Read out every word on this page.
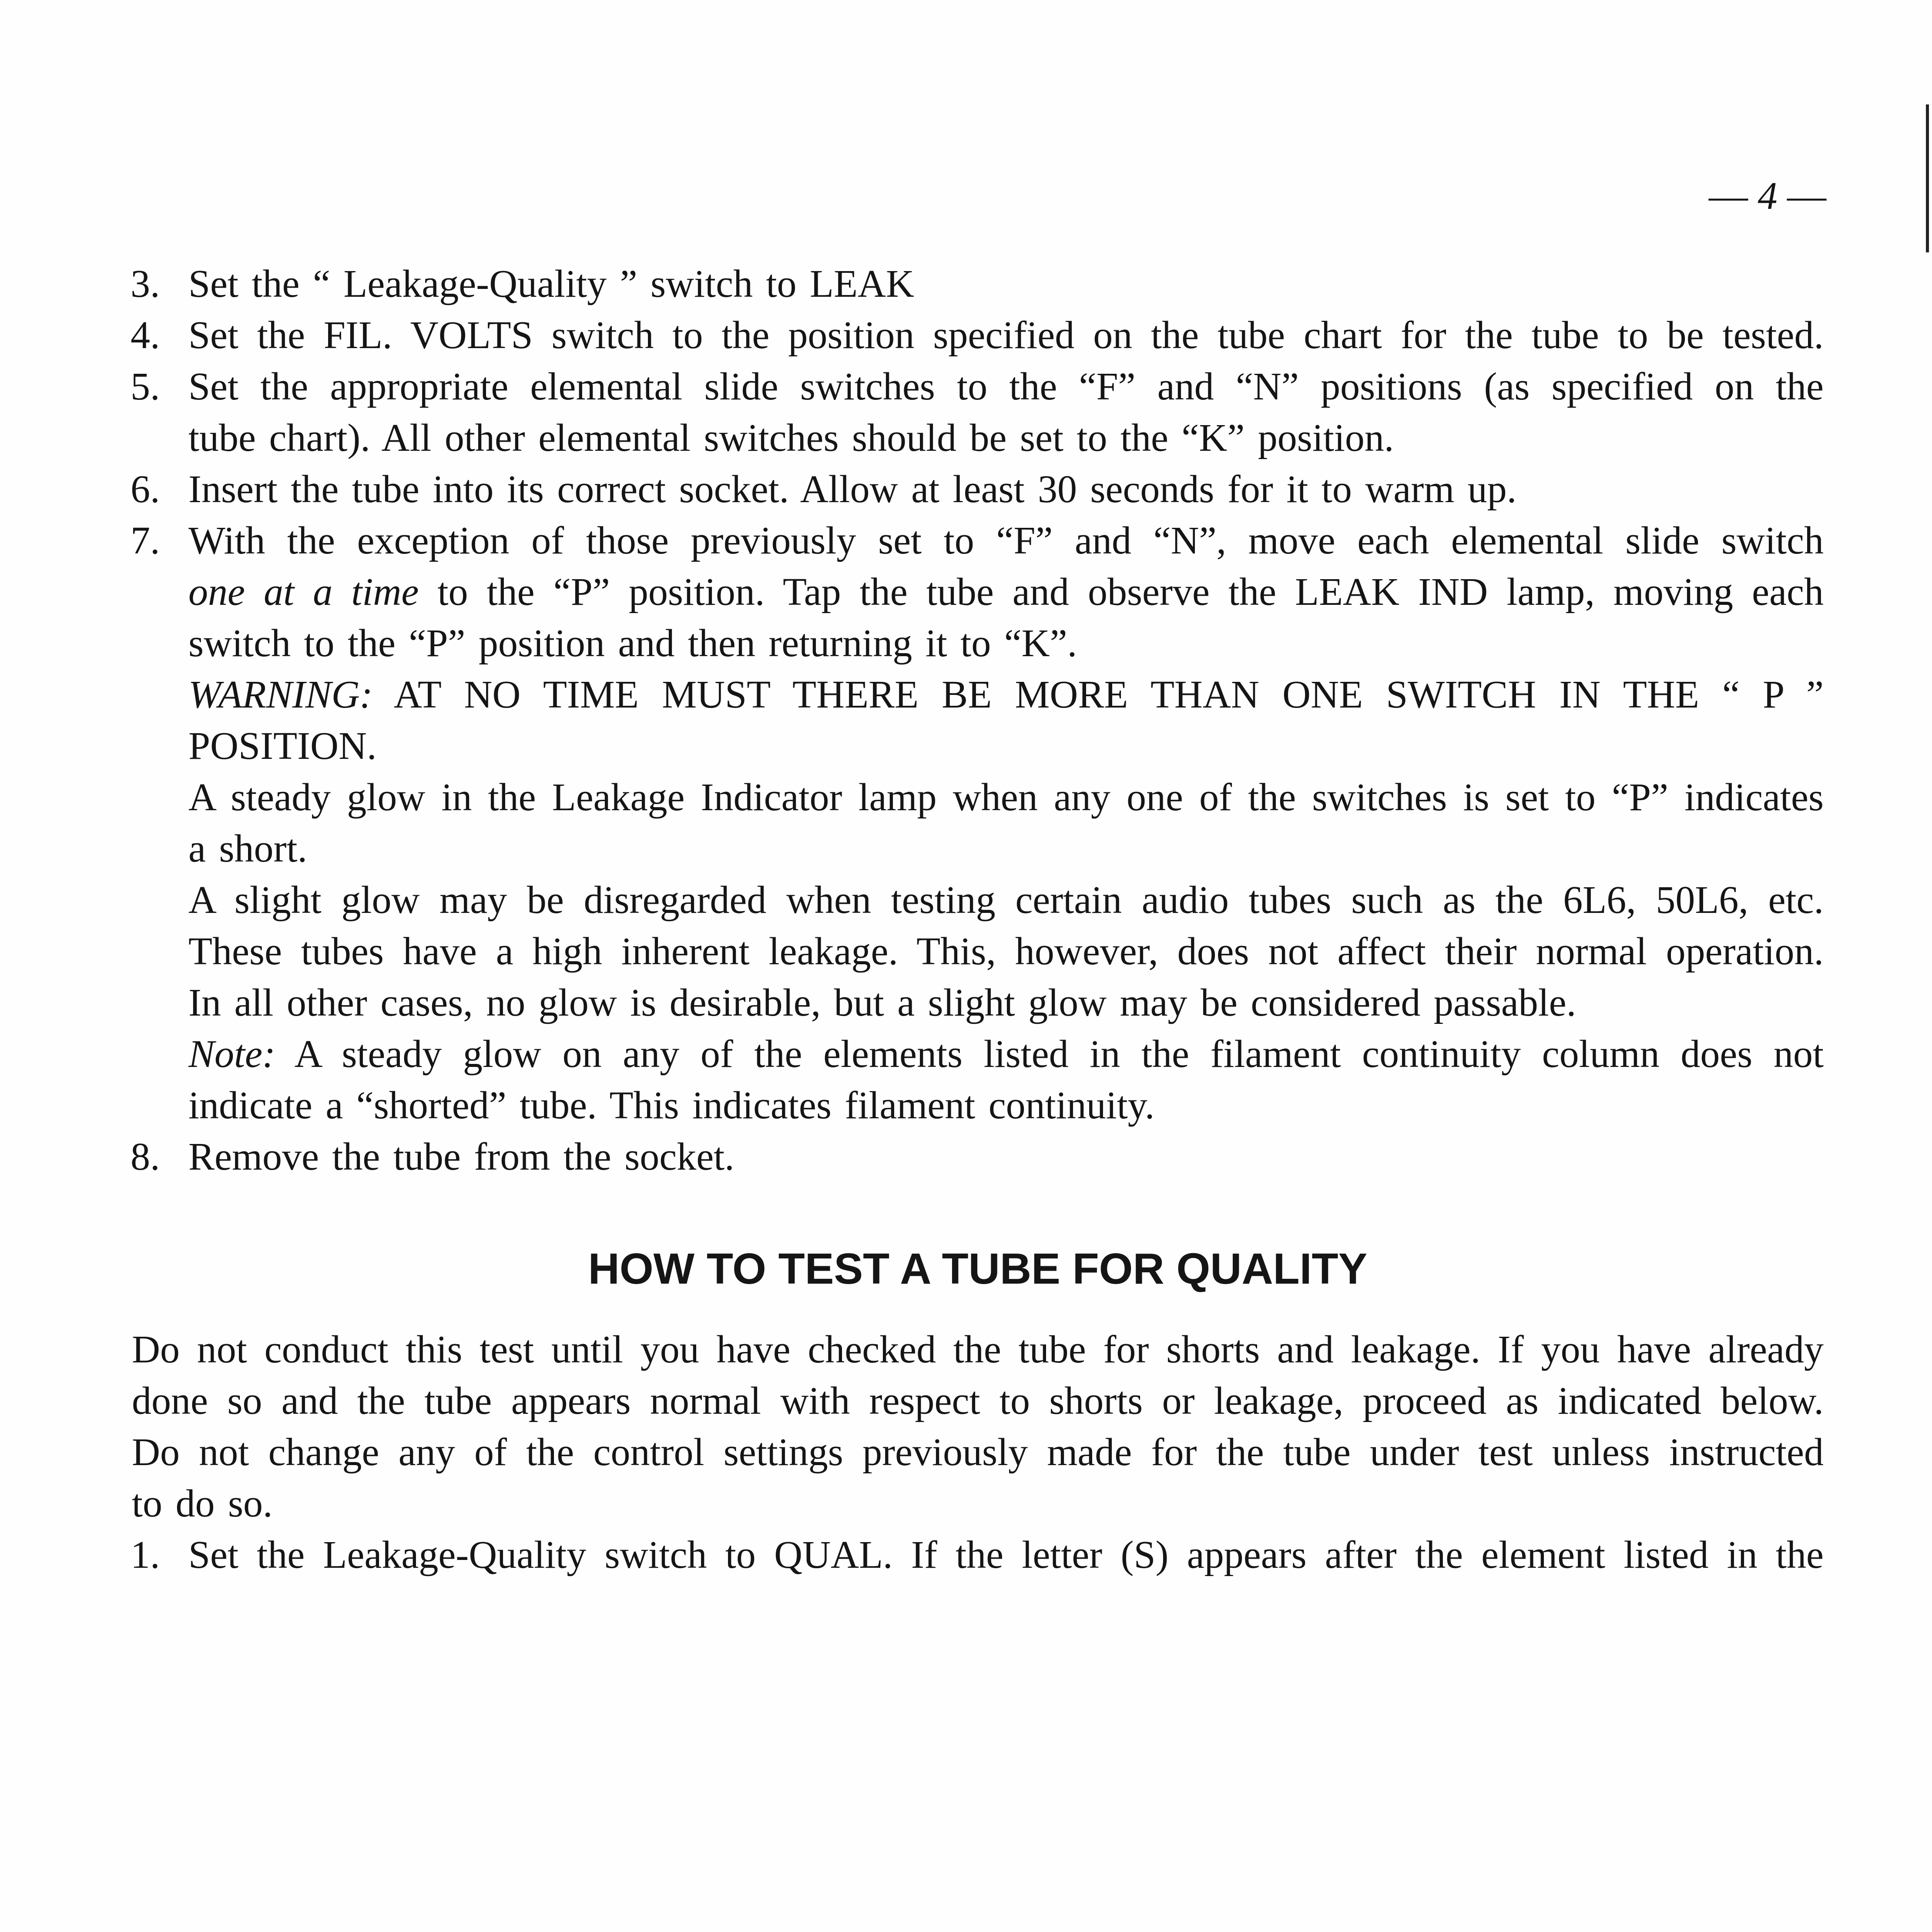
— 4 —
3. Set the “ Leakage-Quality ” switch to LEAK
4. Set the FIL. VOLTS switch to the position specified on the tube chart for the tube to be tested.
5. Set the appropriate elemental slide switches to the “F” and “N” positions (as specified on the
tube chart). All other elemental switches should be set to the “K” position.
6. Insert the tube into its correct socket. Allow at least 30 seconds for it to warm up.
7. With the exception of those previously set to “F” and “N”, move each elemental slide switch
one at a time to the “P” position. Tap the tube and observe the LEAK IND lamp, moving each
switch to the “P” position and then returning it to “K”.
WARNING: AT NO TIME MUST THERE BE MORE THAN ONE SWITCH IN THE “ P ”
POSITION.
A steady glow in the Leakage Indicator lamp when any one of the switches is set to “P” indicates
a short.
A slight glow may be disregarded when testing certain audio tubes such as the 6L6, 50L6, etc.
These tubes have a high inherent leakage. This, however, does not affect their normal operation.
In all other cases, no glow is desirable, but a slight glow may be considered passable.
Note: A steady glow on any of the elements listed in the filament continuity column does not
indicate a “shorted” tube. This indicates filament continuity.
8. Remove the tube from the socket.
HOW TO TEST A TUBE FOR QUALITY
Do not conduct this test until you have checked the tube for shorts and leakage. If you have already
done so and the tube appears normal with respect to shorts or leakage, proceed as indicated below.
Do not change any of the control settings previously made for the tube under test unless instructed
to do so.
1. Set the Leakage-Quality switch to QUAL. If the letter (S) appears after the element listed in the
